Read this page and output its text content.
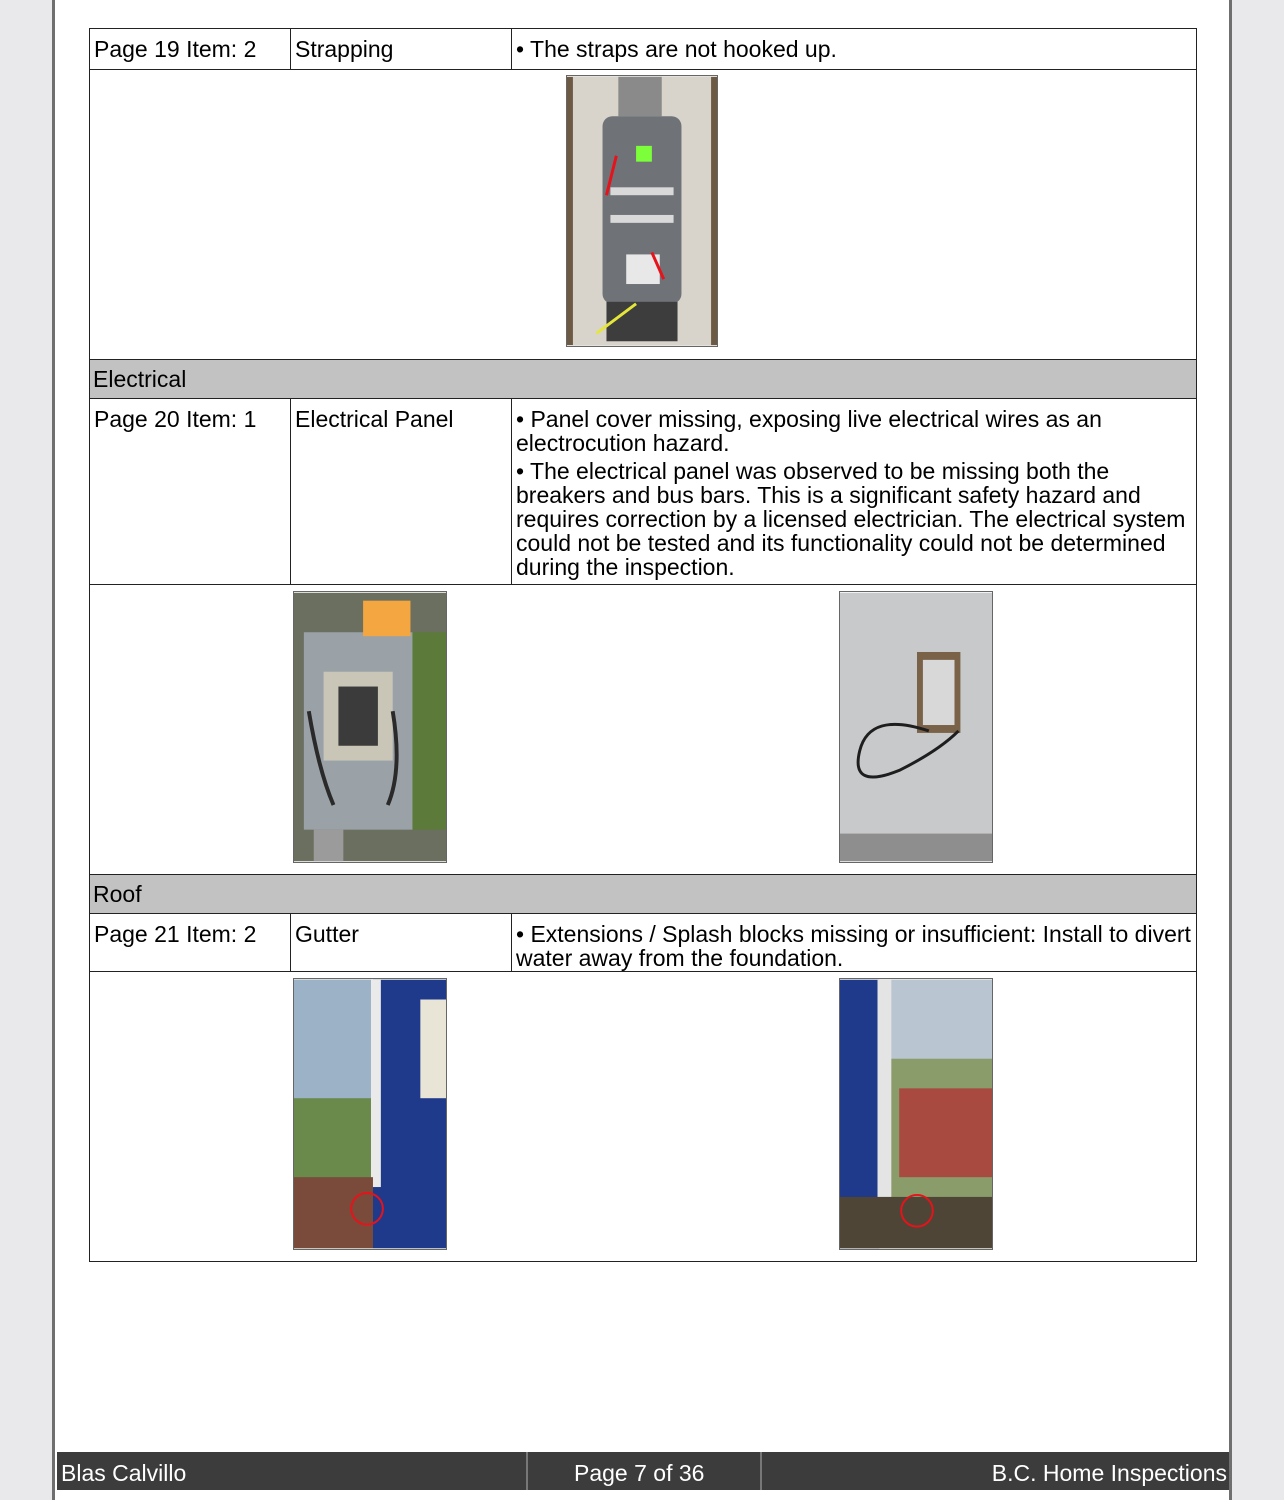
Page 19 Item: 2	Strapping	• The straps are not hooked up.

Electrical		
Page 20 Item: 1	Electrical Panel	• Panel cover missing, exposing live electrical wires as an electrocution hazard.
• The electrical panel was observed to be missing both the breakers and bus bars. This is a significant safety hazard and requires correction by a licensed electrician. The electrical system could not be tested and its functionality could not be determined during the inspection.

Roof		
Page 21 Item: 2	Gutter	• Extensions / Splash blocks missing or insufficient: Install to divert water away from the foundation.

Blas Calvillo	Page 7 of 36	B.C. Home Inspections
